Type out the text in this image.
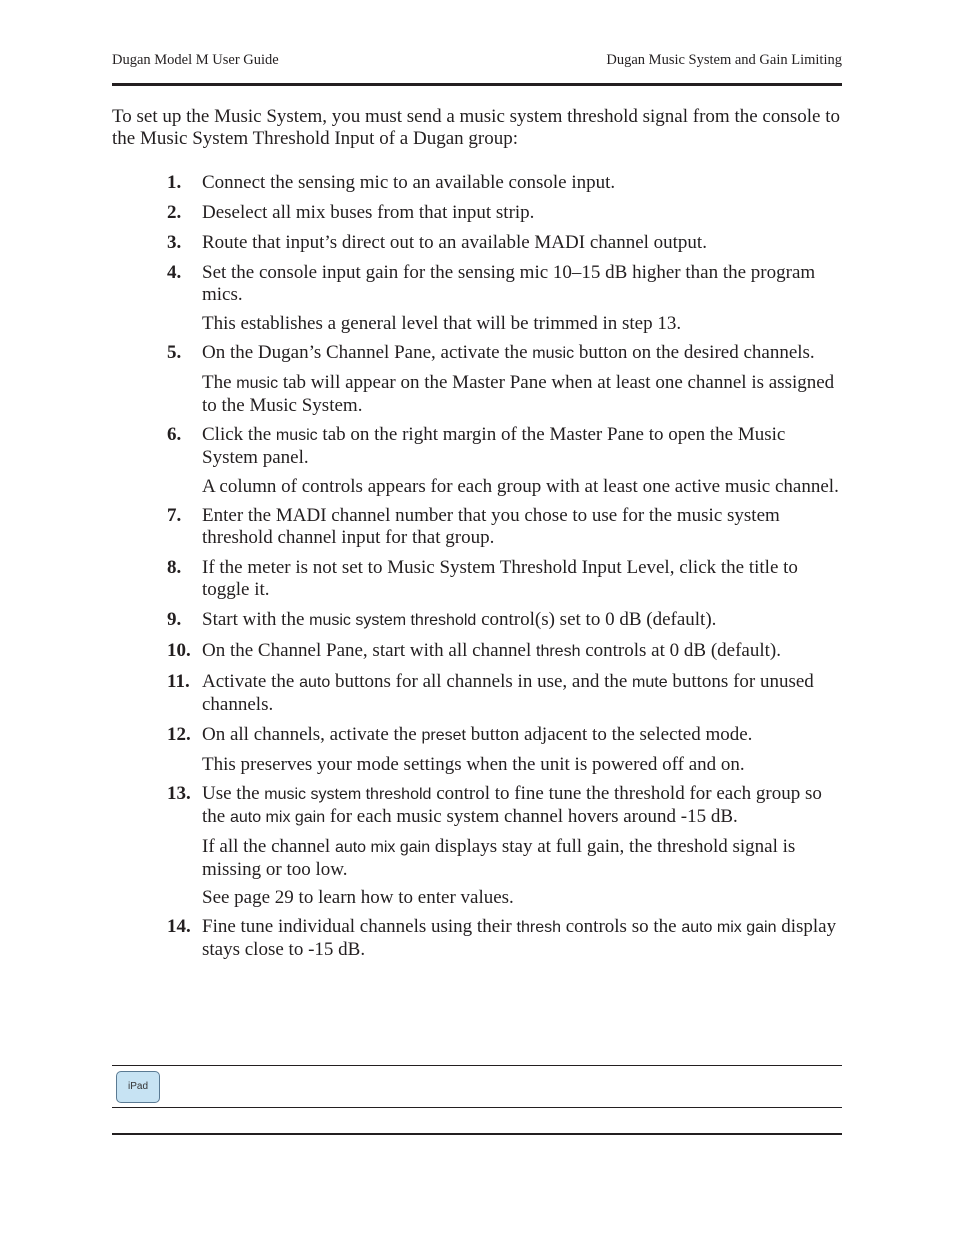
Dugan Model M User Guide	Dugan Music System and Gain Limiting
To set up the Music System, you must send a music system threshold signal from the console to the Music System Threshold Input of a Dugan group:
1. Connect the sensing mic to an available console input.
2. Deselect all mix buses from that input strip.
3. Route that input’s direct out to an available MADI channel output.
4. Set the console input gain for the sensing mic 10–15 dB higher than the program mics.
This establishes a general level that will be trimmed in step 13.
5. On the Dugan’s Channel Pane, activate the music button on the desired channels.
The music tab will appear on the Master Pane when at least one channel is assigned to the Music System.
6. Click the music tab on the right margin of the Master Pane to open the Music System panel.
A column of controls appears for each group with at least one active music channel.
7. Enter the MADI channel number that you chose to use for the music system threshold channel input for that group.
8. If the meter is not set to Music System Threshold Input Level, click the title to toggle it.
9. Start with the music system threshold control(s) set to 0 dB (default).
10. On the Channel Pane, start with all channel thresh controls at 0 dB (default).
11. Activate the auto buttons for all channels in use, and the mute buttons for unused channels.
12. On all channels, activate the preset button adjacent to the selected mode.
This preserves your mode settings when the unit is powered off and on.
13. Use the music system threshold control to fine tune the threshold for each group so the auto mix gain for each music system channel hovers around -15 dB.
If all the channel auto mix gain displays stay at full gain, the threshold signal is missing or too low.
See page 29 to learn how to enter values.
14. Fine tune individual channels using their thresh controls so the auto mix gain display stays close to -15 dB.
iPad
